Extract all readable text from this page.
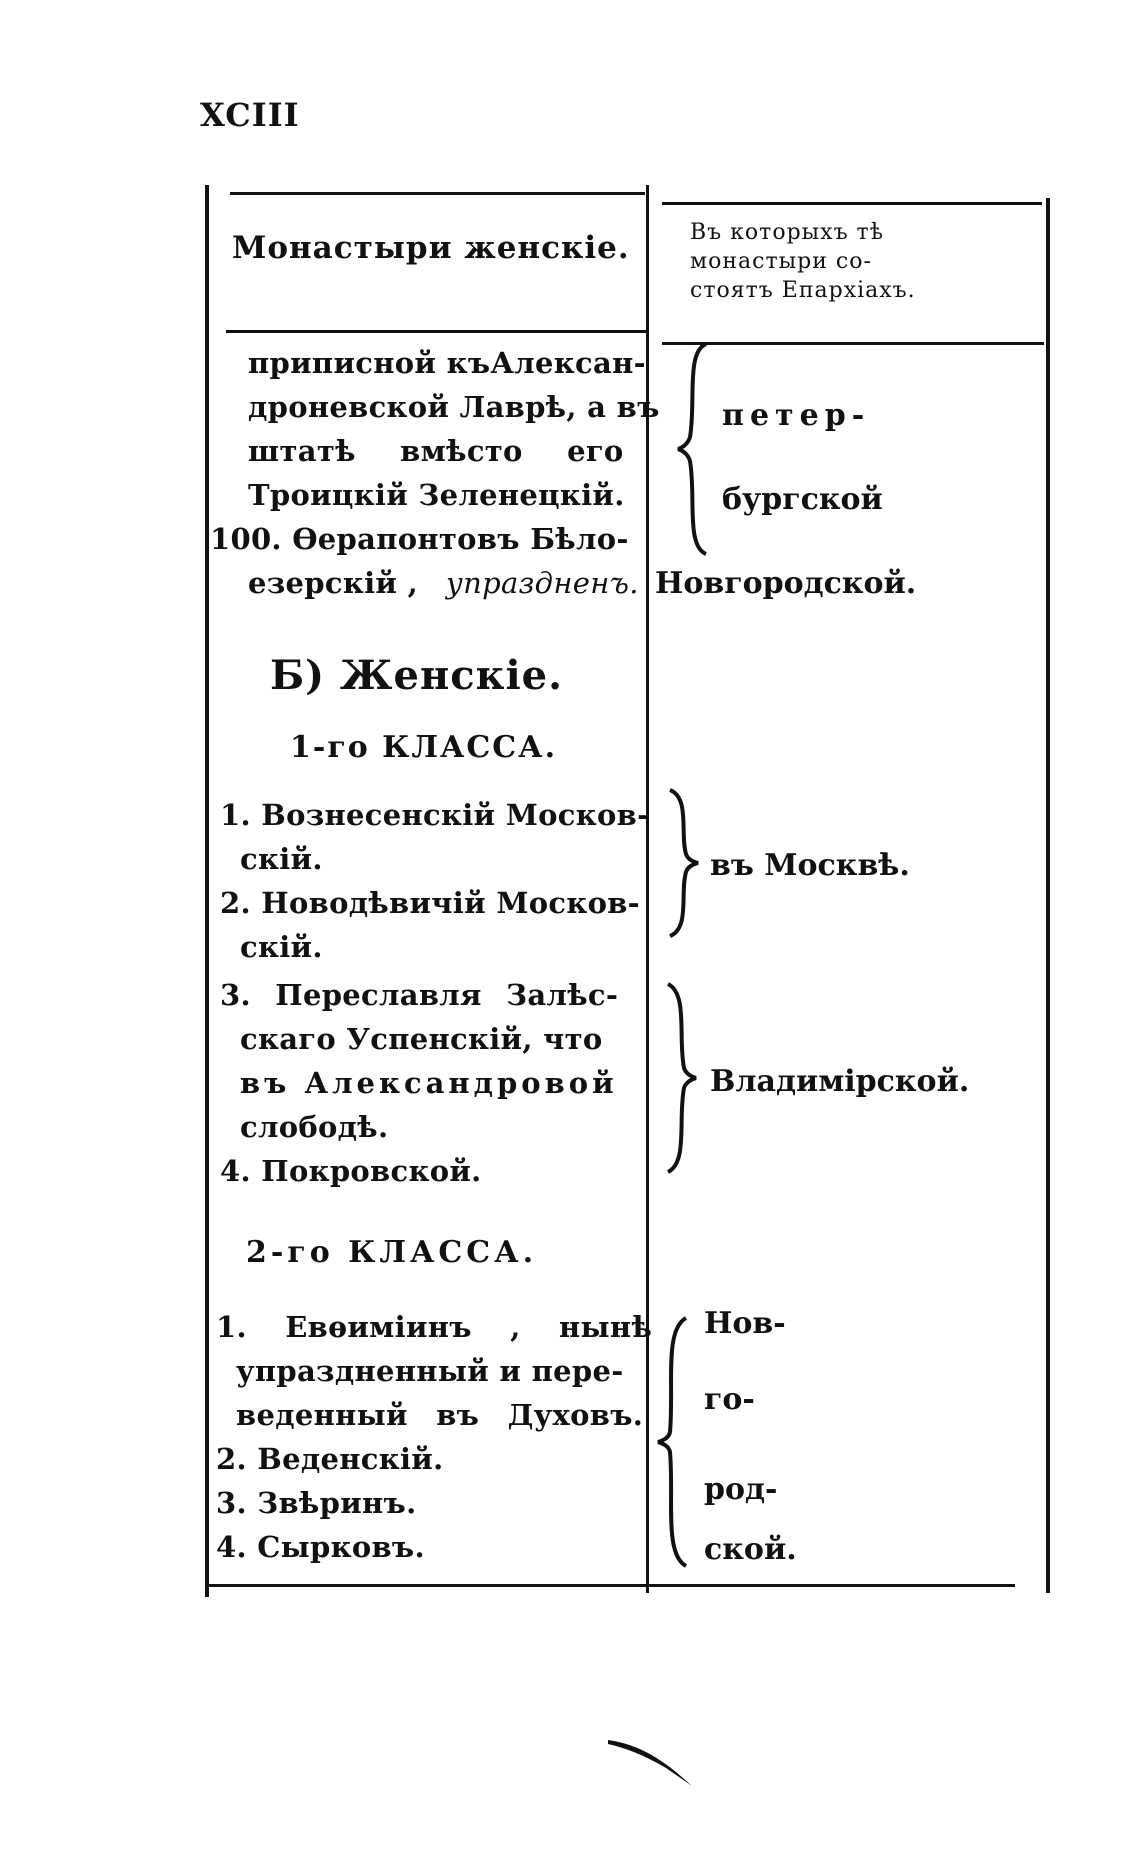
XCIII
Монастыри женскіе.	Въ которыхъ тѣ
монастыри со-
стоятъ Епархіахъ.
приписной къАлексан-
дроневской Лаврѣ, а въ
штатѣ вмѣсто его
Троицкій Зеленецкій.
100. Ѳерапонтовъ Бѣло-
езерскій , упраздненъ.
петер-
бургской
Новгородской.
Б) Женскіе.
1-го КЛАССА.
1. Вознесенскій Москов-
скій.
2. Новодѣвичій Москов-
скій.
3. Переславля Залѣс-
скаго Успенскій, что
въ Александровой
слободѣ.
4. Покровской.
въ Москвѣ.
Владимірской.
2-го КЛАССА.
1. Евѳиміинъ , нынѣ
упраздненный и пере-
веденный въ Духовъ.
2. Веденскій.
3. Звѣринъ.
4. Сырковъ.
Нов-
го-
род-
ской.
